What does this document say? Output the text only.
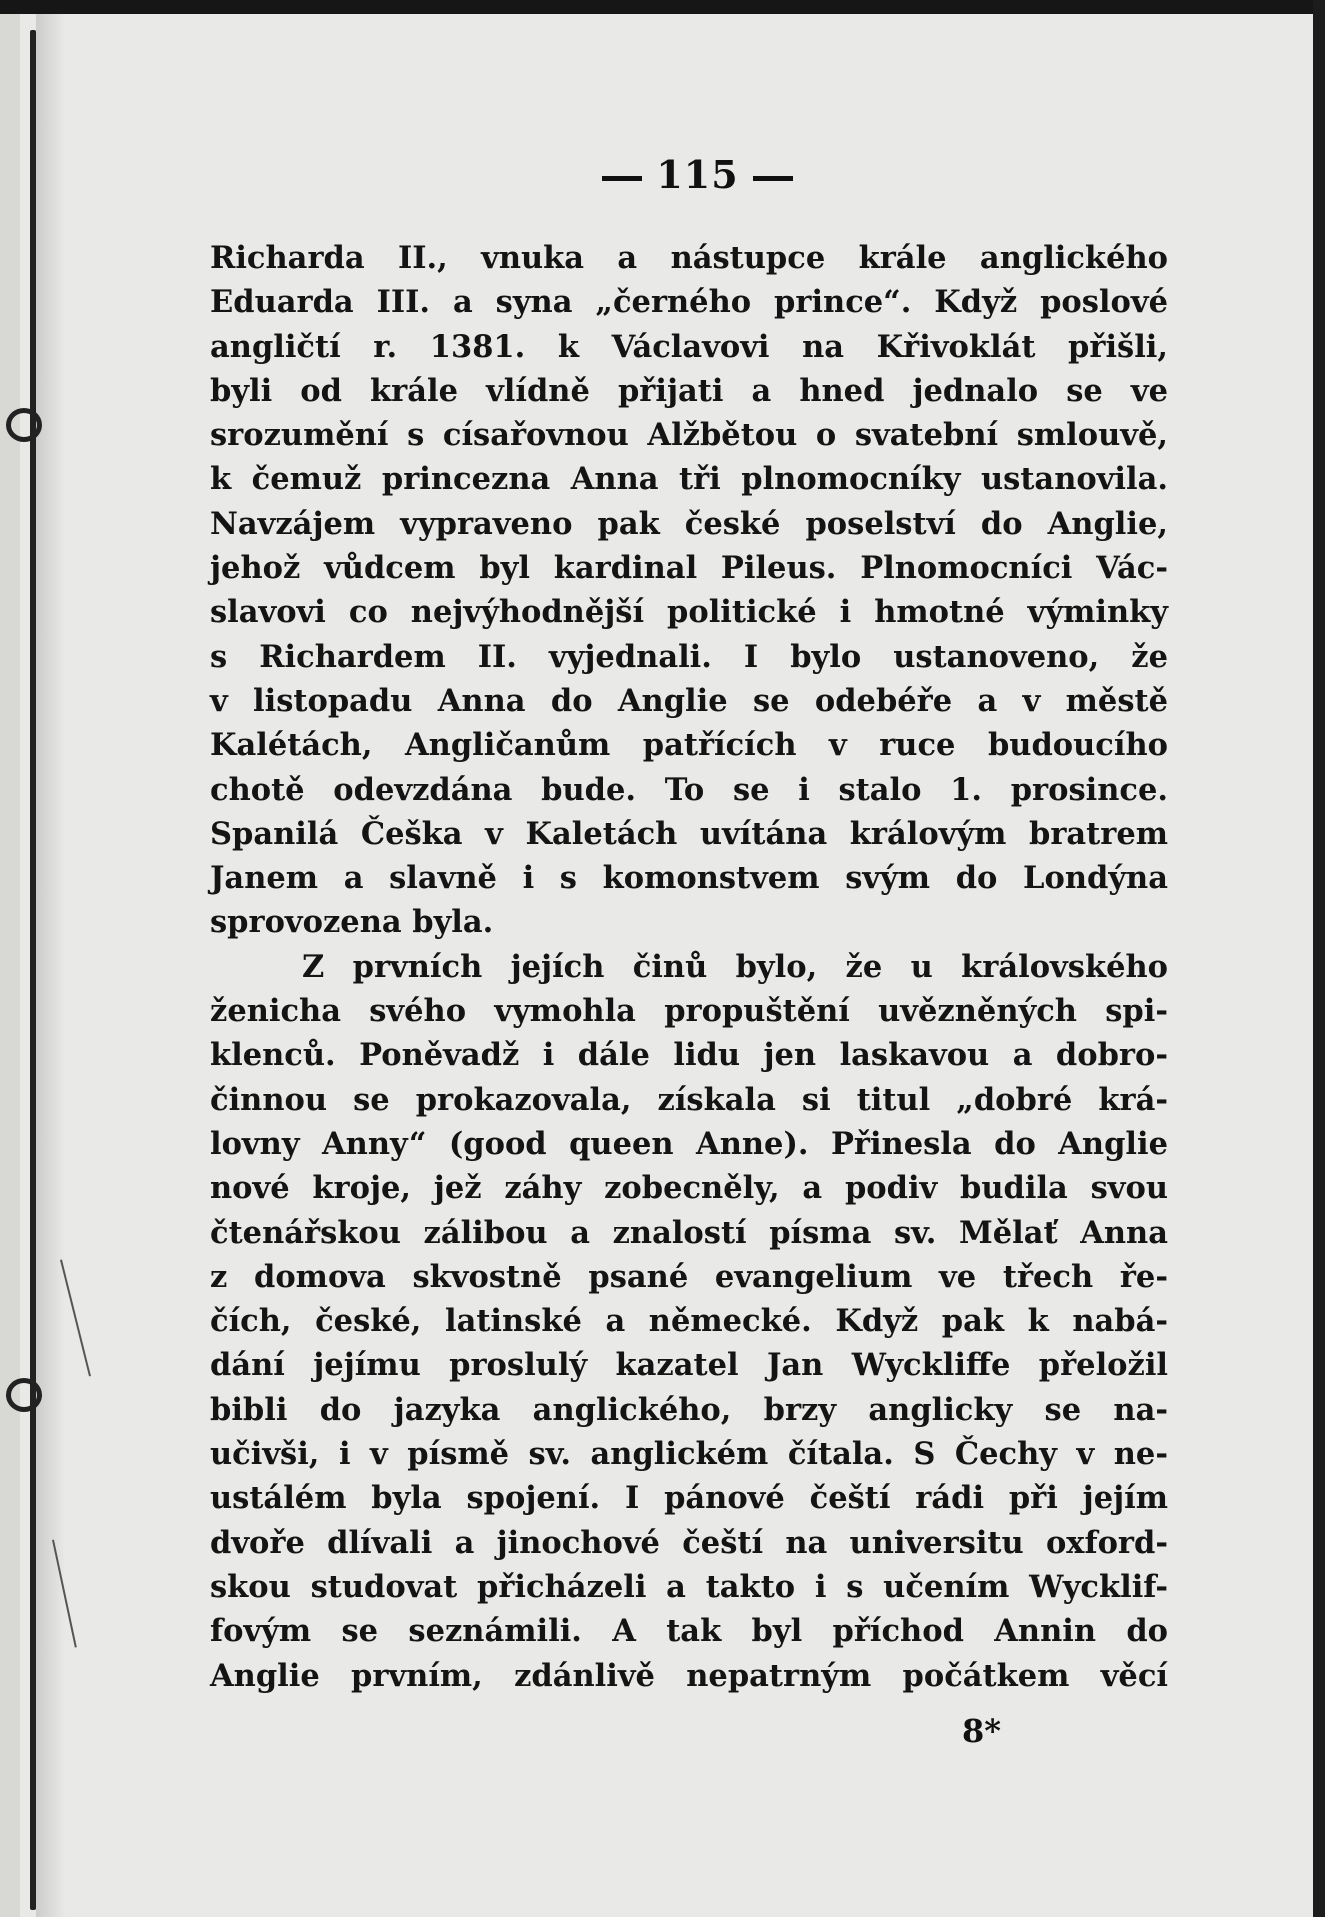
115
Richarda II., vnuka a nástupce krále anglického
Eduarda III. a syna „černého prince“. Když poslové
angličtí r. 1381. k Václavovi na Křivoklát přišli,
byli od krále vlídně přijati a hned jednalo se ve
srozumění s císařovnou Alžbětou o svatební smlouvě,
k čemuž princezna Anna tři plnomocníky ustanovila.
Navzájem vypraveno pak české poselství do Anglie,
jehož vůdcem byl kardinal Pileus. Plnomocníci Vác-
slavovi co nejvýhodnější politické i hmotné výminky
s Richardem II. vyjednali. I bylo ustanoveno, že
v listopadu Anna do Anglie se odebéře a v městě
Kalétách, Angličanům patřících v ruce budoucího
chotě odevzdána bude. To se i stalo 1. prosince.
Spanilá Češka v Kaletách uvítána královým bratrem
Janem a slavně i s komonstvem svým do Londýna
sprovozena byla.
Z prvních jejích činů bylo, že u královského
ženicha svého vymohla propuštění uvězněných spi-
klenců. Poněvadž i dále lidu jen laskavou a dobro-
činnou se prokazovala, získala si titul „dobré krá-
lovny Anny“ (good queen Anne). Přinesla do Anglie
nové kroje, jež záhy zobecněly, a podiv budila svou
čtenářskou zálibou a znalostí písma sv. Mělať Anna
z domova skvostně psané evangelium ve třech ře-
čích, české, latinské a německé. Když pak k nabá-
dání jejímu proslulý kazatel Jan Wyckliffe přeložil
bibli do jazyka anglického, brzy anglicky se na-
učivši, i v písmě sv. anglickém čítala. S Čechy v ne-
ustálém byla spojení. I pánové čeští rádi při jejím
dvoře dlívali a jinochové čeští na universitu oxford-
skou studovat přicházeli a takto i s učením Wycklif-
fovým se seznámili. A tak byl příchod Annin do
Anglie prvním, zdánlivě nepatrným počátkem věcí
8*
